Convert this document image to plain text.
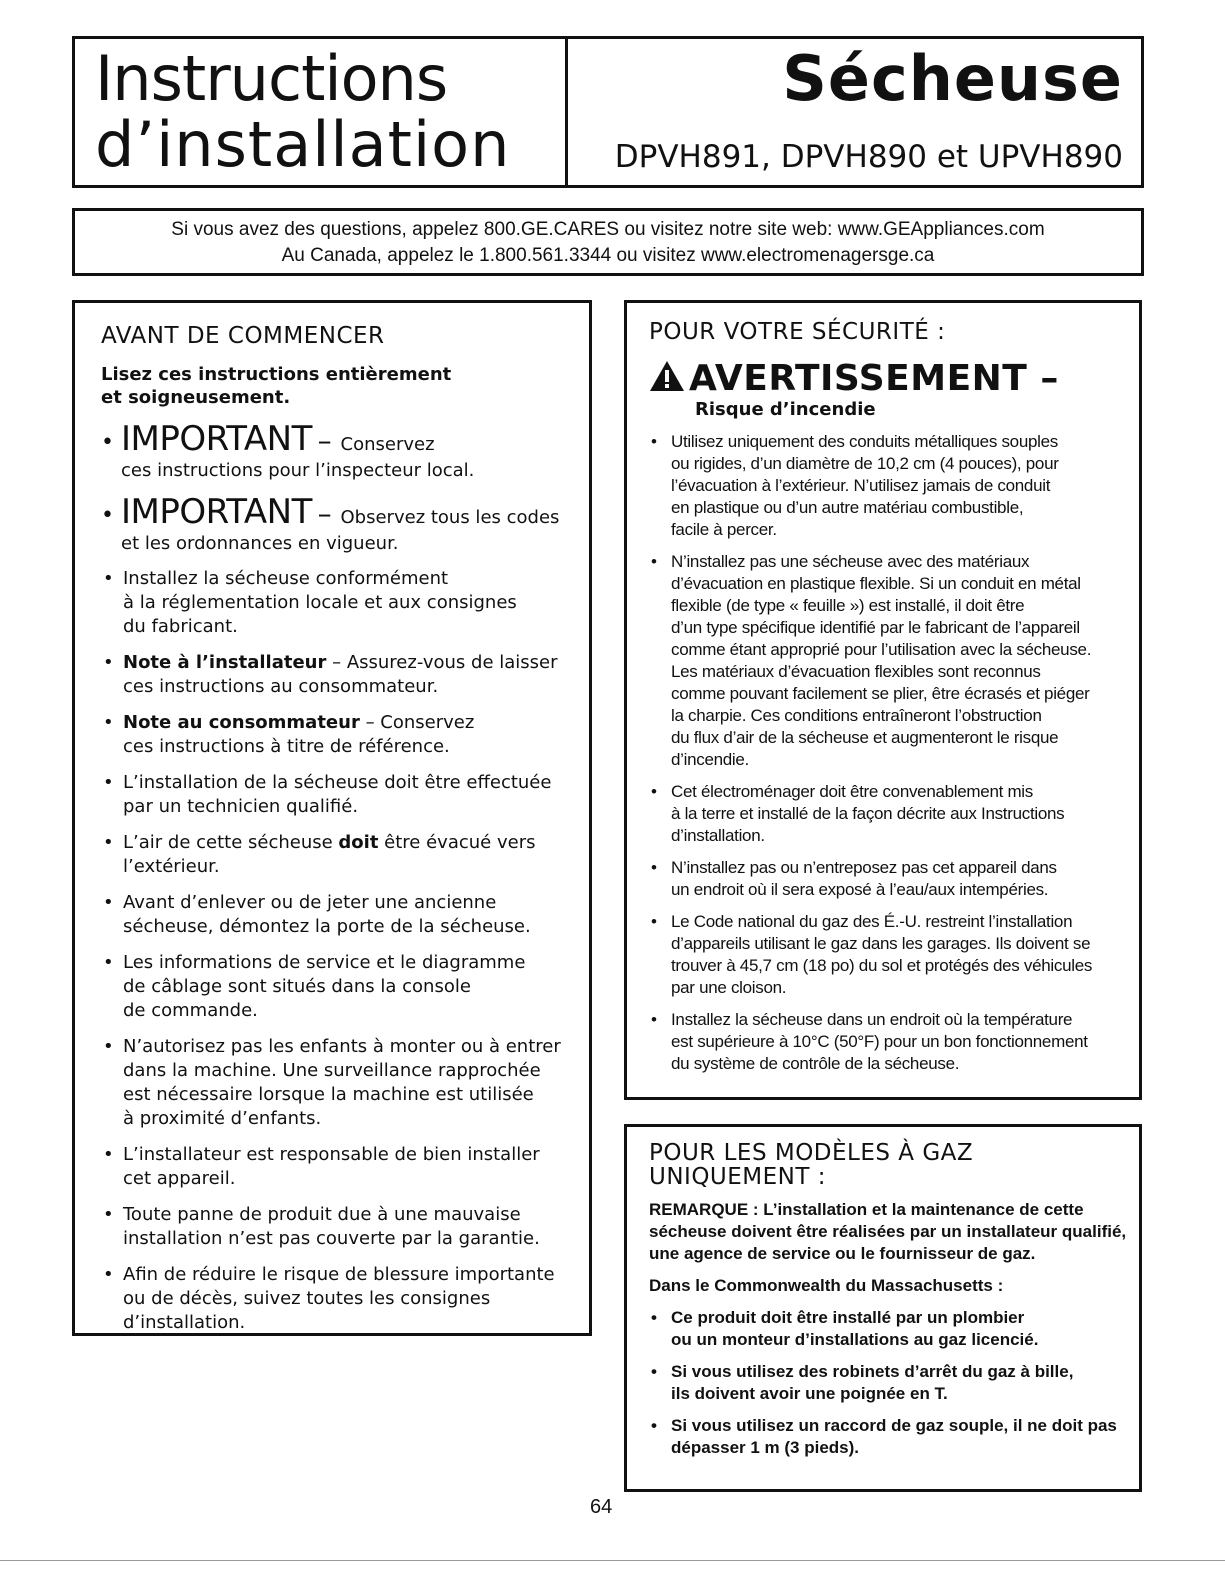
Instructions
d’installation
Sécheuse
DPVH891, DPVH890 et UPVH890
Si vous avez des questions, appelez 800.GE.CARES ou visitez notre site web: www.GEAppliances.com
Au Canada, appelez le 1.800.561.3344 ou visitez www.electromenagersge.ca
AVANT DE COMMENCER
Lisez ces instructions entièrement
et soigneusement.
• IMPORTANT – Conservez
ces instructions pour l’inspecteur local.
• IMPORTANT – Observez tous les codes
et les ordonnances en vigueur.
• Installez la sécheuse conformément
à la réglementation locale et aux consignes
du fabricant.
• Note à l’installateur – Assurez-vous de laisser
ces instructions au consommateur.
• Note au consommateur – Conservez
ces instructions à titre de référence.
• L’installation de la sécheuse doit être effectuée
par un technicien qualifié.
• L’air de cette sécheuse doit être évacué vers
l’extérieur.
• Avant d’enlever ou de jeter une ancienne
sécheuse, démontez la porte de la sécheuse.
• Les informations de service et le diagramme
de câblage sont situés dans la console
de commande.
• N’autorisez pas les enfants à monter ou à entrer
dans la machine. Une surveillance rapprochée
est nécessaire lorsque la machine est utilisée
à proximité d’enfants.
• L’installateur est responsable de bien installer
cet appareil.
• Toute panne de produit due à une mauvaise
installation n’est pas couverte par la garantie.
• Afin de réduire le risque de blessure importante
ou de décès, suivez toutes les consignes
d’installation.
POUR VOTRE SÉCURITÉ :
AVERTISSEMENT –
Risque d’incendie
• Utilisez uniquement des conduits métalliques souples
ou rigides, d’un diamètre de 10,2 cm (4 pouces), pour
l’évacuation à l’extérieur. N’utilisez jamais de conduit
en plastique ou d’un autre matériau combustible,
facile à percer.
• N’installez pas une sécheuse avec des matériaux
d’évacuation en plastique flexible. Si un conduit en métal
flexible (de type « feuille ») est installé, il doit être
d’un type spécifique identifié par le fabricant de l’appareil
comme étant approprié pour l’utilisation avec la sécheuse.
Les matériaux d’évacuation flexibles sont reconnus
comme pouvant facilement se plier, être écrasés et piéger
la charpie. Ces conditions entraîneront l’obstruction
du flux d’air de la sécheuse et augmenteront le risque
d’incendie.
• Cet électroménager doit être convenablement mis
à la terre et installé de la façon décrite aux Instructions
d’installation.
• N’installez pas ou n’entreposez pas cet appareil dans
un endroit où il sera exposé à l’eau/aux intempéries.
• Le Code national du gaz des É.-U. restreint l’installation
d’appareils utilisant le gaz dans les garages. Ils doivent se
trouver à 45,7 cm (18 po) du sol et protégés des véhicules
par une cloison.
• Installez la sécheuse dans un endroit où la température
est supérieure à 10°C (50°F) pour un bon fonctionnement
du système de contrôle de la sécheuse.
POUR LES MODÈLES À GAZ UNIQUEMENT :
REMARQUE : L’installation et la maintenance de cette sécheuse doivent être réalisées par un installateur qualifié, une agence de service ou le fournisseur de gaz.
Dans le Commonwealth du Massachusetts :
• Ce produit doit être installé par un plombier
ou un monteur d’installations au gaz licencié.
• Si vous utilisez des robinets d’arrêt du gaz à bille,
ils doivent avoir une poignée en T.
• Si vous utilisez un raccord de gaz souple, il ne doit pas
dépasser 1 m (3 pieds).
64
